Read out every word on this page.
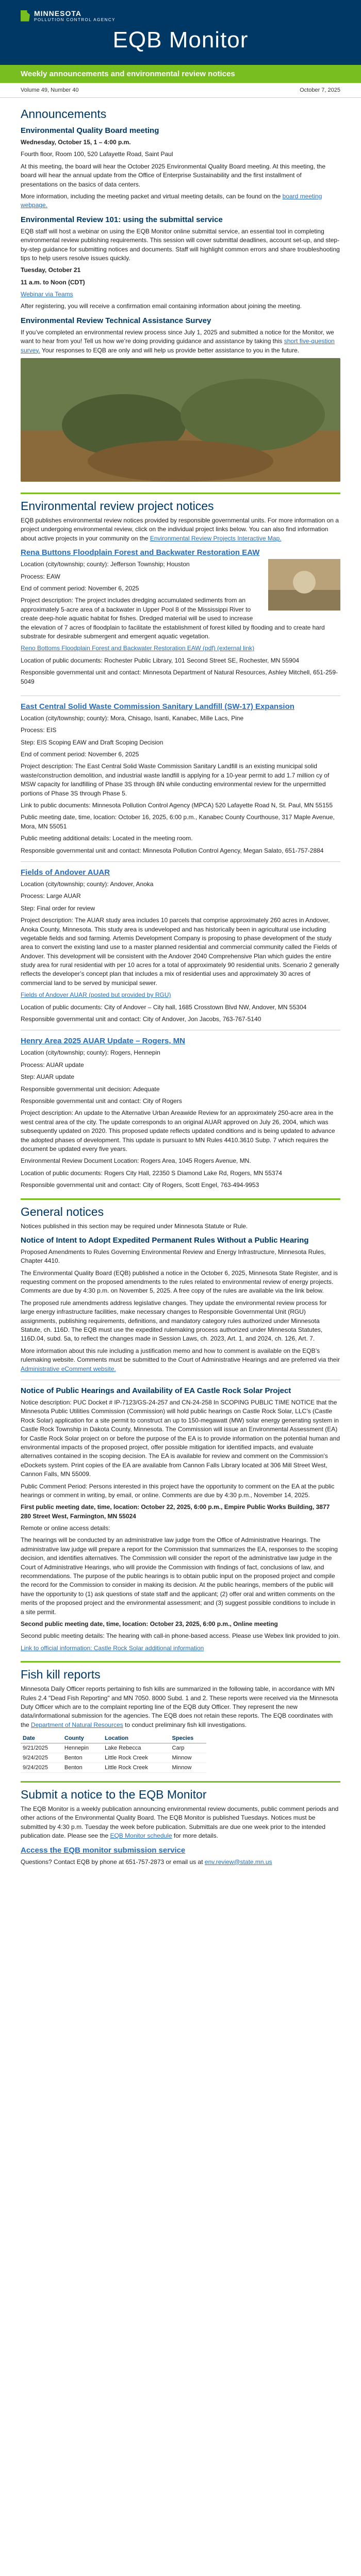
MINNESOTA
POLLUTION CONTROL AGENCY
EQB Monitor
Weekly announcements and environmental review notices
Volume 49, Number 40	October 7, 2025
Announcements
Environmental Quality Board meeting
Wednesday, October 15, 1 – 4:00 p.m.

Fourth floor, Room 100, 520 Lafayette Road, Saint Paul

At this meeting, the board will hear the October 2025 Environmental Quality Board meeting. At this meeting, the board will hear the annual update from the Office of Enterprise Sustainability and the first installment of presentations on the basics of data centers.

More information, including the meeting packet and virtual meeting details, can be found on the board meeting webpage.

Environmental Review 101: using the submittal service

EQB staff will host a webinar on using the EQB Monitor online submittal service, an essential tool in completing environmental review publishing requirements. This session will cover submittal deadlines, account set-up, and step-by-step guidance for submitting notices and documents. Staff will highlight common errors and share troubleshooting tips to help users resolve issues quickly.

Tuesday, October 21
11 a.m. to Noon (CDT)

Webinar via Teams

After registering, you will receive a confirmation email containing information about joining the meeting.

Environmental Review Technical Assistance Survey

If you’ve completed an environmental review process since July 1, 2025 and submitted a notice for the Monitor, we want to hear from you! Tell us how we’re doing providing guidance and assistance by taking this short five-question survey. Your responses to EQB are only and will help us provide better assistance to you in the future.

Environmental review project notices

EQB publishes environmental review notices provided by responsible governmental units. For more information on a project undergoing environmental review, click on the individual project links below. You can also find information about active projects in your community on the Environmental Review Projects Interactive Map.

Rena Buttons Floodplain Forest and Backwater Restoration EAW

Location (city/township; county): Jefferson Township; Houston

Process: EAW

End of comment period: November 6, 2025

Project description: The project includes dredging accumulated sediments from an approximately 5-acre area of a backwater in Upper Pool 8 of the Mississippi River to create deep-hole aquatic habitat for fishes. Dredged material will be used to increase the elevation of 7 acres of floodplain to facilitate the establishment of forest killed by flooding and to create hard substrate for desirable submergent and emergent aquatic vegetation.

Reno Bottoms Floodplain Forest and Backwater Restoration EAW (pdf) (external link)

Location of public documents: Rochester Public Library, 101 Second Street SE, Rochester, MN 55904

Responsible governmental unit and contact: Minnesota Department of Natural Resources, Ashley Mitchell, 651-259-5049

East Central Solid Waste Commission Sanitary Landfill (SW-17) Expansion

Location (city/township; county): Mora, Chisago, Isanti, Kanabec, Mille Lacs, Pine

Process: EIS

Step: EIS Scoping EAW and Draft Scoping Decision

End of comment period: November 6, 2025

Project description: The East Central Solid Waste Commission Sanitary Landfill is an existing municipal solid waste/construction demolition, and industrial waste landfill is applying for a 10-year permit to add 1.7 million cy of MSW capacity for landfilling of Phase 3S through 8N while conducting environmental review for the unpermitted portions of Phase 3S through Phase 5.

Link to public documents: Minnesota Pollution Control Agency (MPCA) 520 Lafayette Road N, St. Paul, MN 55155

Public meeting date, time, location: October 16, 2025, 6:00 p.m., Kanabec County Courthouse, 317 Maple Avenue, Mora, MN 55051

Public meeting additional details: Located in the meeting room.

Responsible governmental unit and contact: Minnesota Pollution Control Agency, Megan Salato, 651-757-2884

Fields of Andover AUAR

Location (city/township; county): Andover, Anoka

Process: Large AUAR

Step: Final order for review

Project description: The AUAR study area includes 10 parcels that comprise approximately 260 acres in Andover, Anoka County, Minnesota. This study area is undeveloped and has historically been in agricultural use including vegetable fields and sod farming. Artemis Development Company is proposing to phase development of the study area to convert the existing land use to a master planned residential and commercial community called the Fields of Andover. This development will be consistent with the Andover 2040 Comprehensive Plan which guides the entire study area for rural residential with per 10 acres for a total of approximately 90 residential units. Scenario 2 generally reflects the developer’s concept plan that includes a mix of residential uses and approximately 30 acres of commercial land to be served by municipal sewer.

Fields of Andover AUAR (posted but provided by RGU)

Location of public documents: City of Andover – City hall, 1685 Crosstown Blvd NW, Andover, MN 55304

Responsible governmental unit and contact: City of Andover, Jon Jacobs, 763-767-5140

Henry Area 2025 AUAR Update – Rogers, MN

Location (city/township; county): Rogers, Hennepin

Process: AUAR update

Step: AUAR update

Responsible governmental unit decision: Adequate

Responsible governmental unit and contact: City of Rogers

Project description: An update to the Alternative Urban Areawide Review for an approximately 250-acre area in the west central area of the city. The update corresponds to an original AUAR approved on July 26, 2004, which was subsequently updated on 2020. This proposed update reflects updated conditions and is being updated to advance the adopted phases of development. This update is pursuant to MN Rules 4410.3610 Subp. 7 which requires the document be updated every five years.

Environmental Review Document Location: Rogers Area, 1045 Rogers Avenue, MN.

Location of public documents: Rogers City Hall, 22350 S Diamond Lake Rd, Rogers, MN 55374

Responsible governmental unit and contact: City of Rogers, Scott Engel, 763-494-9953

General notices

Notices published in this section may be required under Minnesota Statute or Rule.

Notice of Intent to Adopt Expedited Permanent Rules Without a Public Hearing

Proposed Amendments to Rules Governing Environmental Review and Energy Infrastructure, Minnesota Rules, Chapter 4410.

The Environmental Quality Board (EQB) published a notice in the October 6, 2025, Minnesota State Register, and is requesting comment on the proposed amendments to the rules related to environmental review of energy projects. Comments are due by 4:30 p.m. on November 5, 2025. A free copy of the rules are available via the link below.

The proposed rule amendments address legislative changes. They update the environmental review process for large energy infrastructure facilities, make necessary changes to Responsible Governmental Unit (RGU) assignments, publishing requirements, definitions, and mandatory category rules authorized under Minnesota Statute, ch. 116D. The EQB must use the expedited rulemaking process authorized under Minnesota Statutes, 116D.04, subd. 5a, to reflect the changes made in Session Laws, ch. 2023, Art. 1, and 2024, ch. 126, Art. 7.

More information about this rule including a justification memo and how to comment is available on the EQB’s rulemaking website. Comments must be submitted to the Court of Administrative Hearings and are preferred via their Administrative eComment website.

Notice of Public Hearings and Availability of EA Castle Rock Solar Project

Notice description: PUC Docket # IP-7123/GS-24-257 and CN-24-258 In SCOPING PUBLIC TIME NOTICE that the Minnesota Public Utilities Commission (Commission) will hold public hearings on Castle Rock Solar, LLC’s (Castle Rock Solar) application for a site permit to construct an up to 150-megawatt (MW) solar energy generating system in Castle Rock Township in Dakota County, Minnesota. The Commission will issue an Environmental Assessment (EA) for Castle Rock Solar project on or before the purpose of the EA is to provide information on the potential human and environmental impacts of the proposed project, offer possible mitigation for identified impacts, and evaluate alternatives contained in the scoping decision. The EA is available for review and comment on the Commission’s eDockets system. Print copies of the EA are available from Cannon Falls Library located at 306 Mill Street West, Cannon Falls, MN 55009.

Public Comment Period: Persons interested in this project have the opportunity to comment on the EA at the public hearings or comment in writing, by email, or online. Comments are due by 4:30 p.m., November 14, 2025.

First public meeting date, time, location: October 22, 2025, 6:00 p.m., Empire Public Works Building, 3877 280 Street West, Farmington, MN 55024

Remote or online access details:

The hearings will be conducted by an administrative law judge from the Office of Administrative Hearings. The administrative law judge will prepare a report for the Commission that summarizes the EA, responses to the scoping decision, and identifies alternatives. The Commission will consider the report of the administrative law judge in the Court of Administrative Hearings, who will provide the Commission with findings of fact, conclusions of law, and recommendations. The purpose of the public hearings is to obtain public input on the proposed project and compile the record for the Commission to consider in making its decision. At the public hearings, members of the public will have the opportunity to (1) ask questions of state staff and the applicant; (2) offer oral and written comments on the merits of the proposed project and the environmental assessment; and (3) suggest possible conditions to include in a site permit.

Second public meeting date, time, location: October 23, 2025, 6:00 p.m., Online meeting

Second public meeting details: The hearing with call-in phone-based access. Please use Webex link provided to join.

Link to official information: Castle Rock Solar additional information

Fish kill reports

Minnesota Daily Officer reports pertaining to fish kills are summarized in the following table, in accordance with MN Rules 2.4 "Dead Fish Reporting" and MN 7050. 8000 Subd. 1 and 2. These reports were received via the Minnesota Duty Officer which are to the complaint reporting line of the EQB duty Officer. They represent the new data/informational submission for the agencies. The EQB does not retain these reports. The EQB coordinates with the Department of Natural Resources to conduct preliminary fish kill investigations.

Date	County	Location	Species
9/21/2025	Hennepin	Lake Rebecca	Carp
9/24/2025	Benton	Little Rock Creek	Minnow
9/24/2025	Benton	Little Rock Creek	Minnow
Submit a notice to the EQB Monitor

The EQB Monitor is a weekly publication announcing environmental review documents, public comment periods and other actions of the Environmental Quality Board. The EQB Monitor is published Tuesdays. Notices must be submitted by 4:30 p.m. Tuesday the week before publication. Submittals are due one week prior to the intended publication date. Please see the EQB Monitor schedule for more details.

Access the EQB monitor submission service

Questions? Contact EQB by phone at 651-757-2873 or email us at env.review@state.mn.us
